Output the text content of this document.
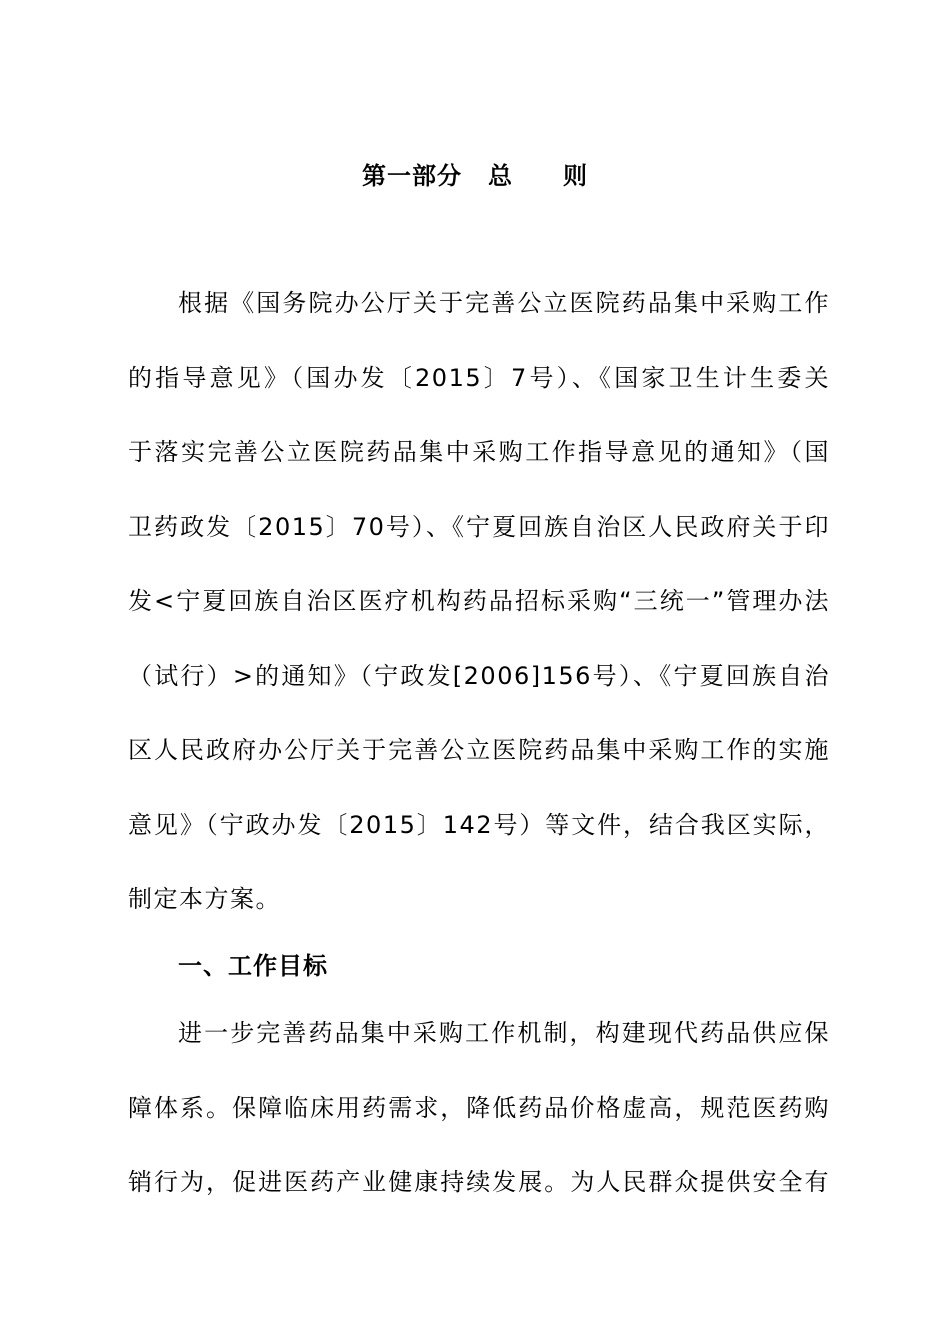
第一部分 总 则
根据《国务院办公厅关于完善公立医院药品集中采购工作
的指导意见》（国办发〔2015〕7号）、《国家卫生计生委关
于落实完善公立医院药品集中采购工作指导意见的通知》（国
卫药政发〔2015〕70号）、《宁夏回族自治区人民政府关于印
发<宁夏回族自治区医疗机构药品招标采购“三统一”管理办法
（试行）>的通知》（宁政发[2006]156号）、《宁夏回族自治
区人民政府办公厅关于完善公立医院药品集中采购工作的实施
意见》（宁政办发〔2015〕142号）等文件，结合我区实际，
制定本方案。
一、工作目标
进一步完善药品集中采购工作机制，构建现代药品供应保
障体系。保障临床用药需求，降低药品价格虚高，规范医药购
销行为，促进医药产业健康持续发展。为人民群众提供安全有
